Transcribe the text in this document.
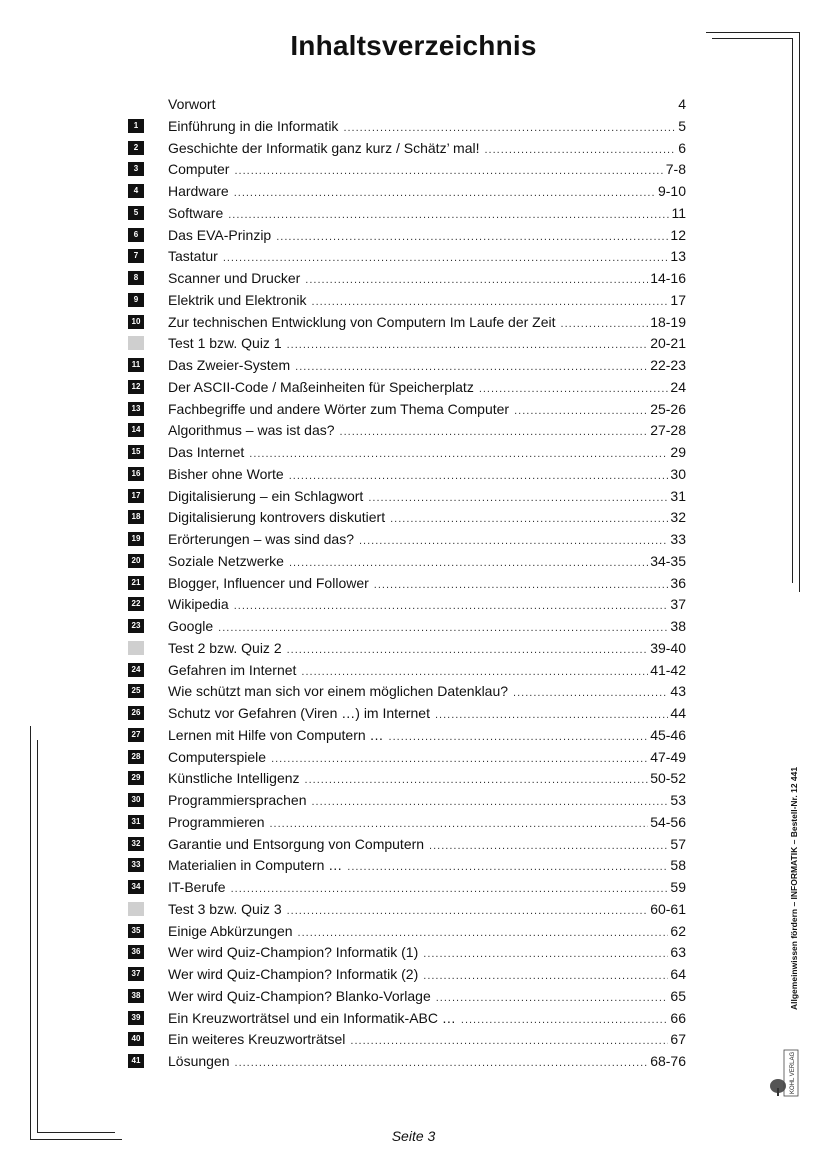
Inhaltsverzeichnis
Vorwort	4
1	Einführung in die Informatik .....	5
2	Geschichte der Informatik ganz kurz / Schätz’ mal! .....	6
3	Computer .....	7-8
4	Hardware .....	9-10
5	Software .....	11
6	Das EVA-Prinzip .....	12
7	Tastatur .....	13
8	Scanner und Drucker .....	14-16
9	Elektrik und Elektronik .....	17
10 Zur technischen Entwicklung von Computern Im Laufe der Zeit .....	18-19
Test 1 bzw. Quiz 1 .....	20-21
11 Das Zweier-System .....	22-23
12 Der ASCII-Code / Maßeinheiten für Speicherplatz .....	24
13 Fachbegriffe und andere Wörter zum Thema Computer .....	25-26
14 Algorithmus – was ist das? .....	27-28
15 Das Internet .....	29
16 Bisher ohne Worte .....	30
17 Digitalisierung – ein Schlagwort .....	31
18 Digitalisierung kontrovers diskutiert .....	32
19 Erörterungen – was sind das? .....	33
20 Soziale Netzwerke .....	34-35
21 Blogger, Influencer und Follower .....	36
22 Wikipedia .....	37
23 Google .....	38
Test 2 bzw. Quiz 2 .....	39-40
24 Gefahren im Internet .....	41-42
25 Wie schützt man sich vor einem möglichen Datenklau? .....	43
26 Schutz vor Gefahren (Viren …) im Internet .....	44
27 Lernen mit Hilfe von Computern … .....	45-46
28 Computerspiele .....	47-49
29 Künstliche Intelligenz .....	50-52
30 Programmiersprachen .....	53
31 Programmieren .....	54-56
32 Garantie und Entsorgung von Computern .....	57
33 Materialien in Computern … .....	58
34 IT-Berufe .....	59
Test 3 bzw. Quiz 3 .....	60-61
35 Einige Abkürzungen .....	62
36 Wer wird Quiz-Champion? Informatik (1) .....	63
37 Wer wird Quiz-Champion? Informatik (2) .....	64
38 Wer wird Quiz-Champion? Blanko-Vorlage .....	65
39 Ein Kreuzworträtsel und ein Informatik-ABC … .....	66
40 Ein weiteres Kreuzworträtsel .....	67
41 Lösungen .....	68-76
Allgemeinwissen fördern – INFORMATIK – Bestell-Nr. 12 441
KOHL VERLAG
Seite 3
